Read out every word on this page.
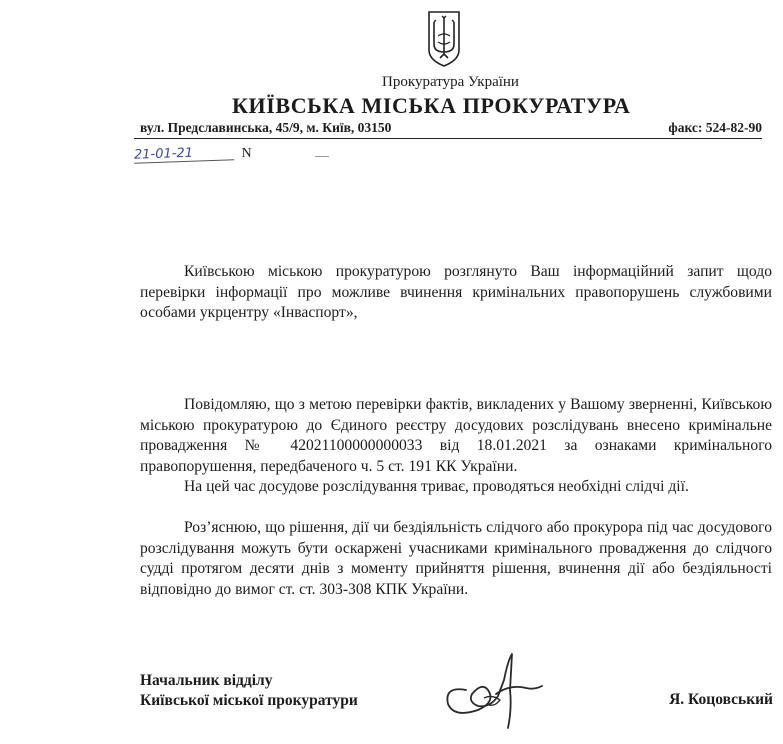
Прокуратура України
КИЇВСЬКА МІСЬКА ПРОКУРАТУРА
вул. Предславинська, 45/9, м. Київ, 03150	факс: 524-82-90
21-01-21	N

Київською міською прокуратурою розглянуто Ваш інформаційний запит щодо перевірки інформації про можливе вчинення кримінальних правопорушень службовими особами укрцентру «Інваспорт»,

Повідомляю, що з метою перевірки фактів, викладених у Вашому зверненні, Київською міською прокуратурою до Єдиного реєстру досудових розслідувань внесено кримінальне провадження № 42021100000000033 від 18.01.2021 за ознаками кримінального правопорушення, передбаченого ч. 5 ст. 191 КК України.

На цей час досудове розслідування триває, проводяться необхідні слідчі дії.

Роз’яснюю, що рішення, дії чи бездіяльність слідчого або прокурора під час досудового розслідування можуть бути оскаржені учасниками кримінального провадження до слідчого судді протягом десяти днів з моменту прийняття рішення, вчинення дії або бездіяльності відповідно до вимог ст. ст. 303-308 КПК України.

Начальник відділу
Київської міської прокуратури	Я. Коцовський
